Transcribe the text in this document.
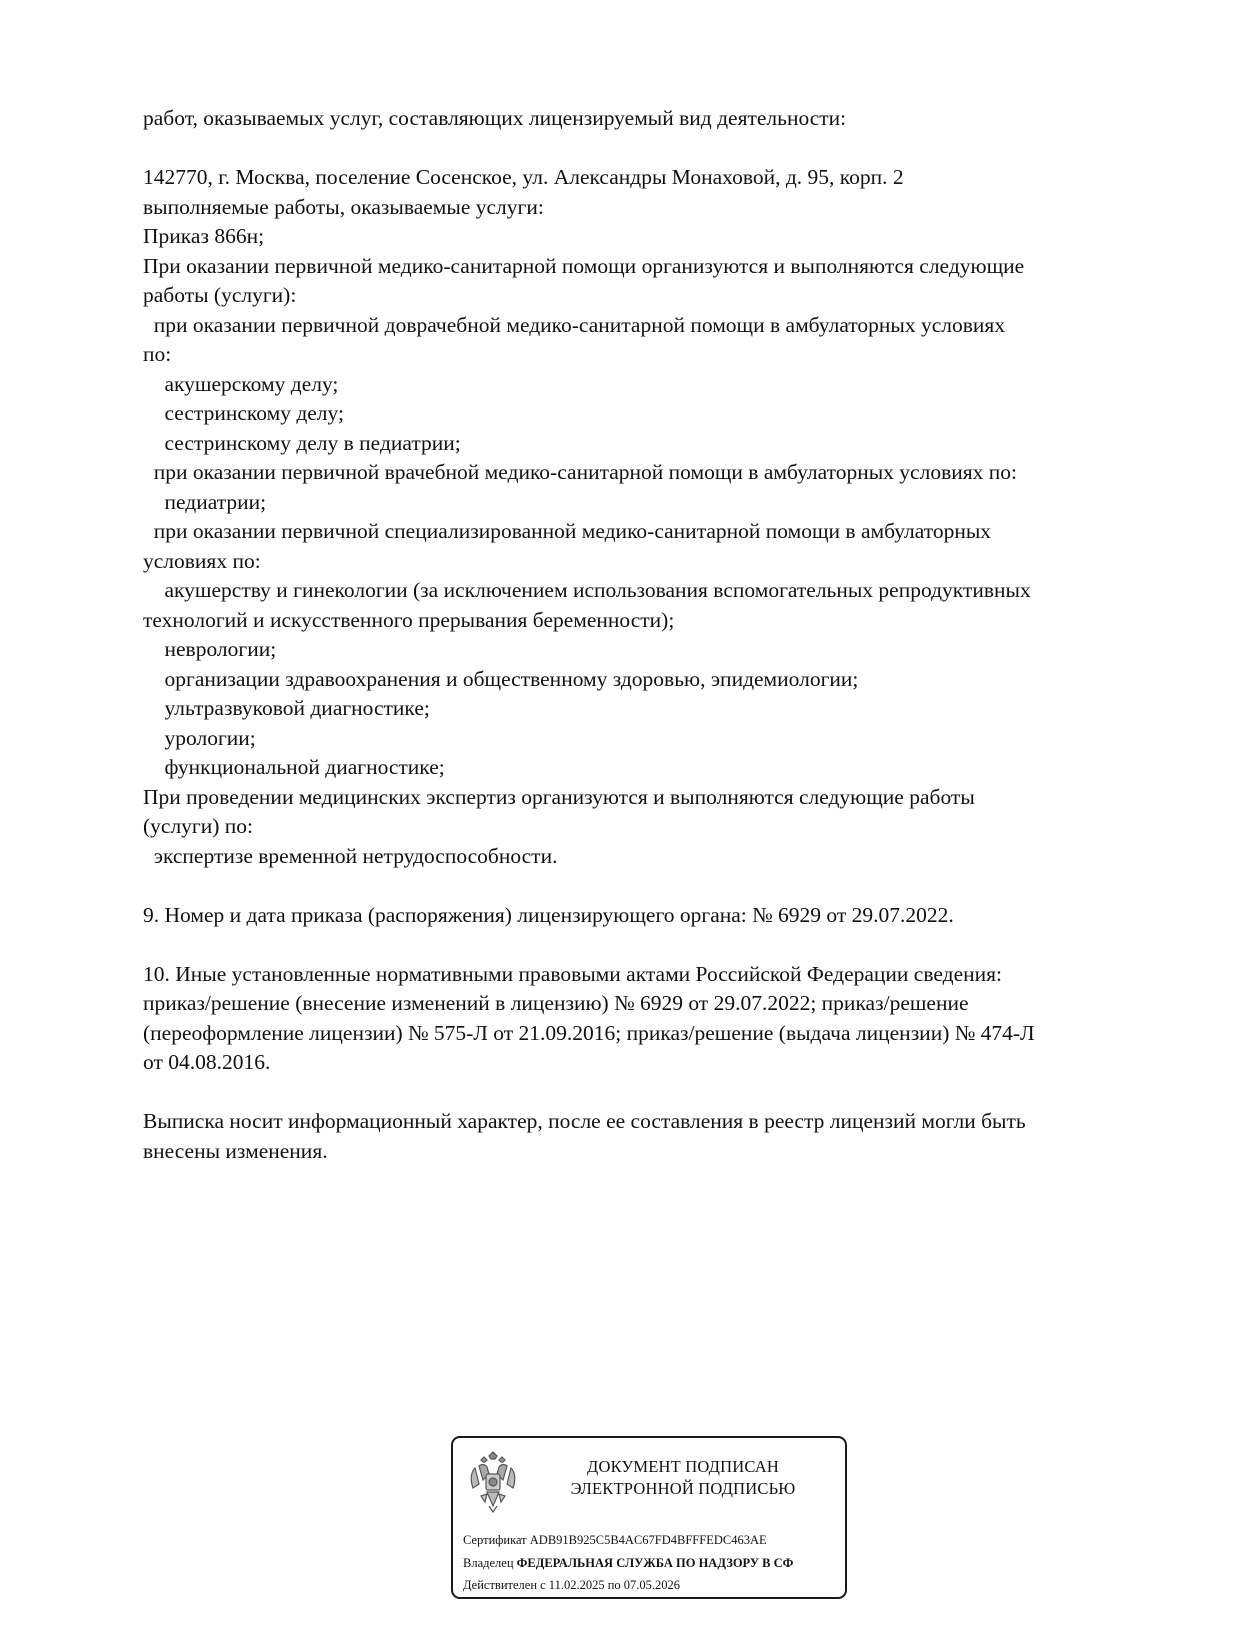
работ, оказываемых услуг, составляющих лицензируемый вид деятельности:
142770, г. Москва, поселение Сосенское, ул. Александры Монаховой, д. 95, корп. 2
выполняемые работы, оказываемые услуги:
Приказ 866н;
При оказании первичной медико-санитарной помощи организуются и выполняются следующие
работы (услуги):
при оказании первичной доврачебной медико-санитарной помощи в амбулаторных условиях
по:
акушерскому делу;
сестринскому делу;
сестринскому делу в педиатрии;
при оказании первичной врачебной медико-санитарной помощи в амбулаторных условиях по:
педиатрии;
при оказании первичной специализированной медико-санитарной помощи в амбулаторных
условиях по:
акушерству и гинекологии (за исключением использования вспомогательных репродуктивных
технологий и искусственного прерывания беременности);
неврологии;
организации здравоохранения и общественному здоровью, эпидемиологии;
ультразвуковой диагностике;
урологии;
функциональной диагностике;
При проведении медицинских экспертиз организуются и выполняются следующие работы
(услуги) по:
экспертизе временной нетрудоспособности.
9. Номер и дата приказа (распоряжения) лицензирующего органа: № 6929 от 29.07.2022.
10. Иные установленные нормативными правовыми актами Российской Федерации сведения:
приказ/решение (внесение изменений в лицензию) № 6929 от 29.07.2022; приказ/решение
(переоформление лицензии) № 575-Л от 21.09.2016; приказ/решение (выдача лицензии) № 474-Л
от 04.08.2016.
Выписка носит информационный характер, после ее составления в реестр лицензий могли быть
внесены изменения.
ДОКУМЕНТ ПОДПИСАН
ЭЛЕКТРОННОЙ ПОДПИСЬЮ
Сертификат ADB91B925C5B4AC67FD4BFFFEDC463AE
Владелец ФЕДЕРАЛЬНАЯ СЛУЖБА ПО НАДЗОРУ В СФ
Действителен с 11.02.2025 по 07.05.2026
